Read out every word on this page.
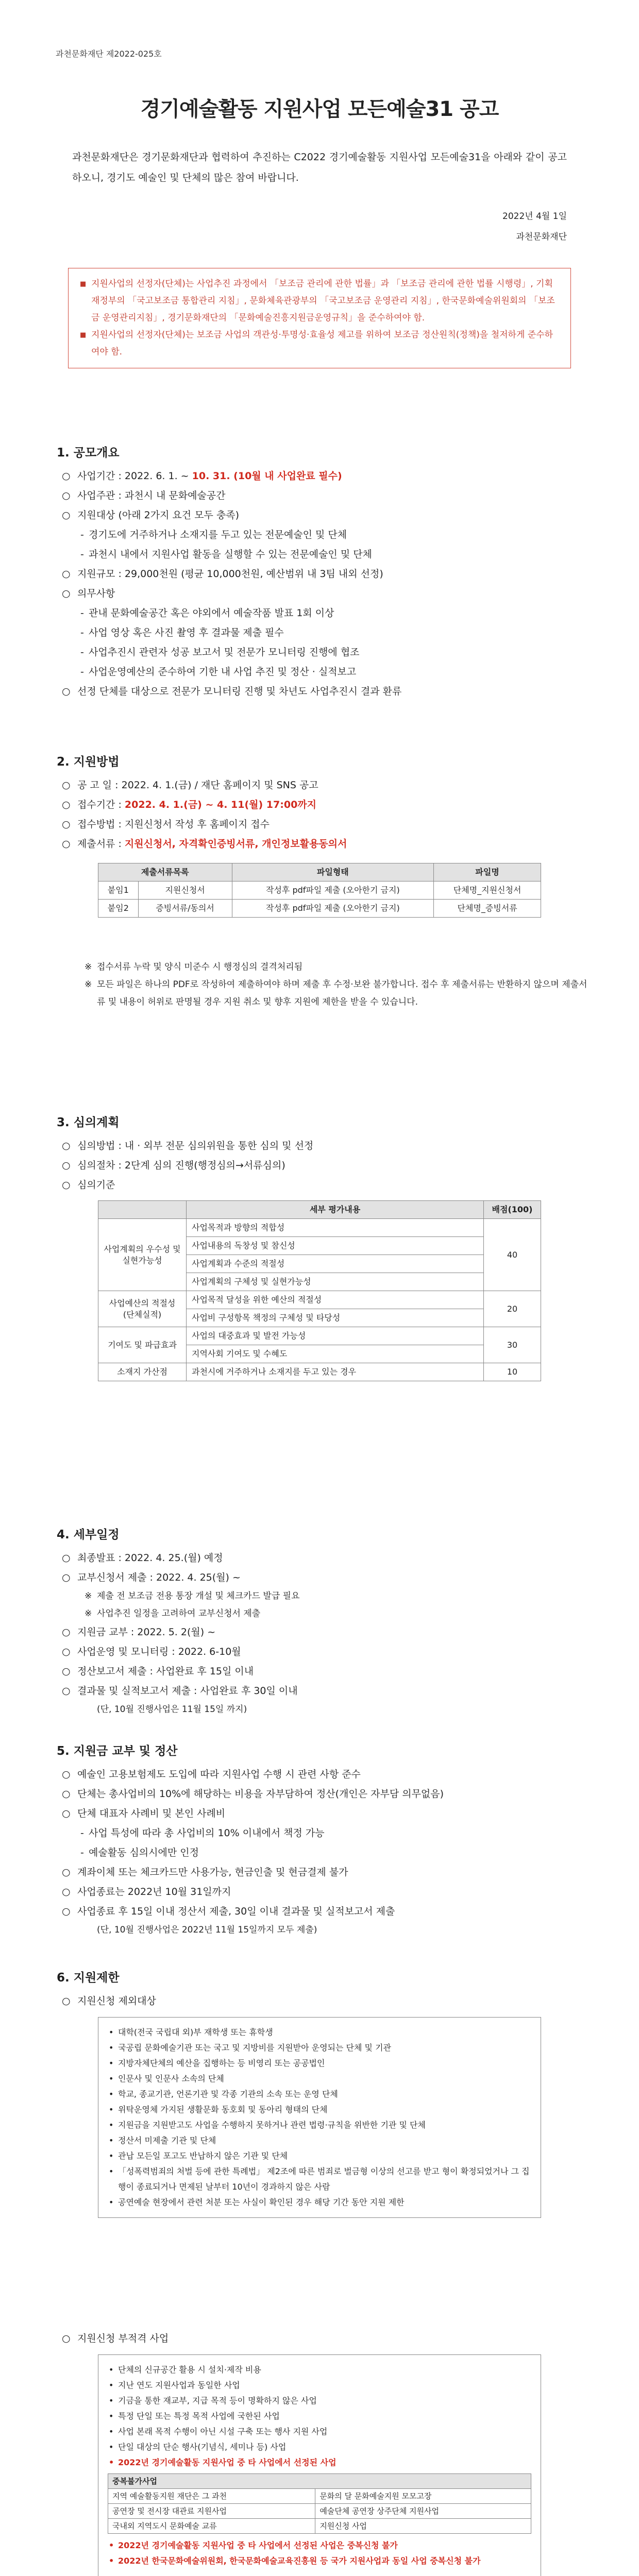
과천문화재단 제2022-025호
경기예술활동 지원사업 모든예술31 공고
과천문화재단은 경기문화재단과 협력하여 추진하는 C2022 경기예술활동 지원사업 모든예술31을 아래와 같이 공고하오니, 경기도 예술인 및 단체의 많은 참여 바랍니다.
2022년 4월 1일
과천문화재단
■ 지원사업의 선정자(단체)는 사업추진 과정에서 「보조금 관리에 관한 법률」과 「보조금 관리에 관한 법률 시행령」, 기획재정부의 「국고보조금 통합관리 지침」, 문화체육관광부의 「국고보조금 운영관리 지침」, 한국문화예술위원회의 「보조금 운영관리지침」, 경기문화재단의 「문화예술진흥지원금운영규칙」을 준수하여야 함.
■ 지원사업의 선정자(단체)는 보조금 사업의 객관성·투명성·효율성 제고를 위하여 보조금 정산원칙(정책)을 철저하게 준수하여야 함.
1. 공모개요
○ 사업기간 : 2022. 6. 1. ~ 10. 31. (10월 내 사업완료 필수)
○ 사업주관 : 과천시 내 문화예술공간
○ 지원대상 (아래 2가지 요건 모두 충족)
- 경기도에 거주하거나 소재지를 두고 있는 전문예술인 및 단체
- 과천시 내에서 지원사업 활동을 실행할 수 있는 전문예술인 및 단체
○ 지원규모 : 29,000천원 (평균 10,000천원, 예산범위 내 3팀 내외 선정)
○ 의무사항
- 관내 문화예술공간 혹은 야외에서 예술작품 발표 1회 이상
- 사업 영상 혹은 사진 촬영 후 결과물 제출 필수
- 사업추진시 관련자 성공 보고서 및 전문가 모니터링 진행에 협조
- 사업운영예산의 준수하여 기한 내 사업 추진 및 정산 · 실적보고
○ 선정 단체를 대상으로 전문가 모니터링 진행 및 차년도 사업추진시 결과 환류
2. 지원방법
○ 공 고 일 : 2022. 4. 1.(금) / 재단 홈페이지 및 SNS 공고
○ 접수기간 : 2022. 4. 1.(금) ~ 4. 11(월) 17:00까지
○ 접수방법 : 지원신청서 작성 후 홈페이지 접수
○ 제출서류 : 지원신청서, 자격확인증빙서류, 개인정보활용동의서
제출서류목록		파일형태	파일명
붙임1	지원신청서	작성후 pdf파일 제출 (오아한기 금지)	단체명_지원신청서
붙임2	증빙서류/동의서	작성후 pdf파일 제출 (오아한기 금지)	단체명_증빙서류
※ 접수서류 누락 및 양식 미준수 시 행정심의 결격처리됨
※ 모든 파일은 하나의 PDF로 작성하여 제출하여야 하며 제출 후 수정·보완 불가합니다. 접수 후 제출서류는 반환하지 않으며 제출서류 및 내용이 허위로 판명될 경우 지원 취소 및 향후 지원에 제한을 받을 수 있습니다.
3. 심의계획
○ 심의방법 : 내 · 외부 전문 심의위원을 통한 심의 및 선정
○ 심의절차 : 2단계 심의 진행(행정심의→서류심의)
○ 심의기준
	세부 평가내용	배점(100)
사업계획의 우수성 및 실현가능성	사업목적과 방향의 적합성	40
	사업내용의 독창성 및 참신성	
	사업계획과 수준의 적절성	
	사업계획의 구체성 및 실현가능성	
사업예산의 적절성 (단체실적)	사업목적 달성을 위한 예산의 적절성	20
	사업비 구성항목 책정의 구체성 및 타당성	
기여도 및 파급효과	사업의 대중효과 및 발전 가능성	30
	지역사회 기여도 및 수혜도	
소재지 가산점	과천시에 거주하거나 소재지를 두고 있는 경우	10
4. 세부일정
○ 최종발표 : 2022. 4. 25.(월) 예정
○ 교부신청서 제출 : 2022. 4. 25(월) ~
※ 제출 전 보조금 전용 통장 개설 및 체크카드 발급 필요
※ 사업추진 일정을 고려하여 교부신청서 제출
○ 지원금 교부 : 2022. 5. 2(월) ~
○ 사업운영 및 모니터링 : 2022. 6-10월
○ 정산보고서 제출 : 사업완료 후 15일 이내
○ 결과물 및 실적보고서 제출 : 사업완료 후 30일 이내
(단, 10월 진행사업은 11월 15일 까지)
5. 지원금 교부 및 정산
○ 예술인 고용보험제도 도입에 따라 지원사업 수행 시 관련 사항 준수
○ 단체는 총사업비의 10%에 해당하는 비용을 자부담하여 정산(개인은 자부담 의무없음)
○ 단체 대표자 사례비 및 본인 사례비
- 사업 특성에 따라 총 사업비의 10% 이내에서 책정 가능
- 예술활동 심의시에만 인정
○ 계좌이체 또는 체크카드만 사용가능, 현금인출 및 현금결제 불가
○ 사업종료는 2022년 10월 31일까지
○ 사업종료 후 15일 이내 정산서 제출, 30일 이내 결과물 및 실적보고서 제출
(단, 10월 진행사업은 2022년 11월 15일까지 모두 제출)
6. 지원제한
○ 지원신청 제외대상
• 대학(전국 국립대 외)부 재학생 또는 휴학생
• 국공립 문화예술기관 또는 국고 및 지방비를 지원받아 운영되는 단체 및 기관
• 지방자체단체의 예산을 집행하는 등 비영리 또는 공공법인
• 인문사 및 인문사 소속의 단체
• 학교, 종교기관, 언론기관 및 각종 기관의 소속 또는 운영 단체
• 위탁운영체 가지된 생활문화 동호회 및 동아리 형태의 단체
• 지원금을 지원받고도 사업을 수행하지 못하거나 관련 법령·규칙을 위반한 기관 및 단체
• 정산서 미제출 기관 및 단체
• 관납 모든일 포고도 반납하지 않은 기관 및 단체
• 「성폭력범죄의 처벌 등에 관한 특례법」 제2조에 따른 범죄로 벌금형 이상의 선고를 받고 형이 확정되었거나 그 집행이 종료되거나 면제된 날부터 10년이 경과하지 않은 사람
• 공연예술 현장에서 관련 처분 또는 사실이 확인된 경우 해당 기간 동안 지원 제한
○ 지원신청 부적격 사업
• 단체의 신규공간 활용 시 설치·제작 비용
• 지난 연도 지원사업과 동일한 사업
• 기금을 통한 재교부, 지급 목적 등이 명확하지 않은 사업
• 특정 단일 또는 특정 목적 사업에 국한된 사업
• 사업 본래 목적 수행이 아닌 시설 구축 또는 행사 지원 사업
• 단일 대상의 단순 행사(기념식, 세미나 등) 사업
• 2022년 경기예술활동 지원사업 중 타 사업에서 선정된 사업
중복불가사업	
지역 예술활동지원 재단은 그 과천	문화의 달 문화예술지원 모모고장
공연장 및 전시장 대관료 지원사업	예술단체 공연장 상주단체 지원사업
국내외 지역도시 문화예술 교류	지원신청 사업
• 2022년 경기예술활동 지원사업 중 타 사업에서 선정된 사업은 중복신청 불가
• 2022년 한국문화예술위원회, 한국문화예술교육진흥원 등 국가 지원사업과 동일 사업 중복신청 불가
